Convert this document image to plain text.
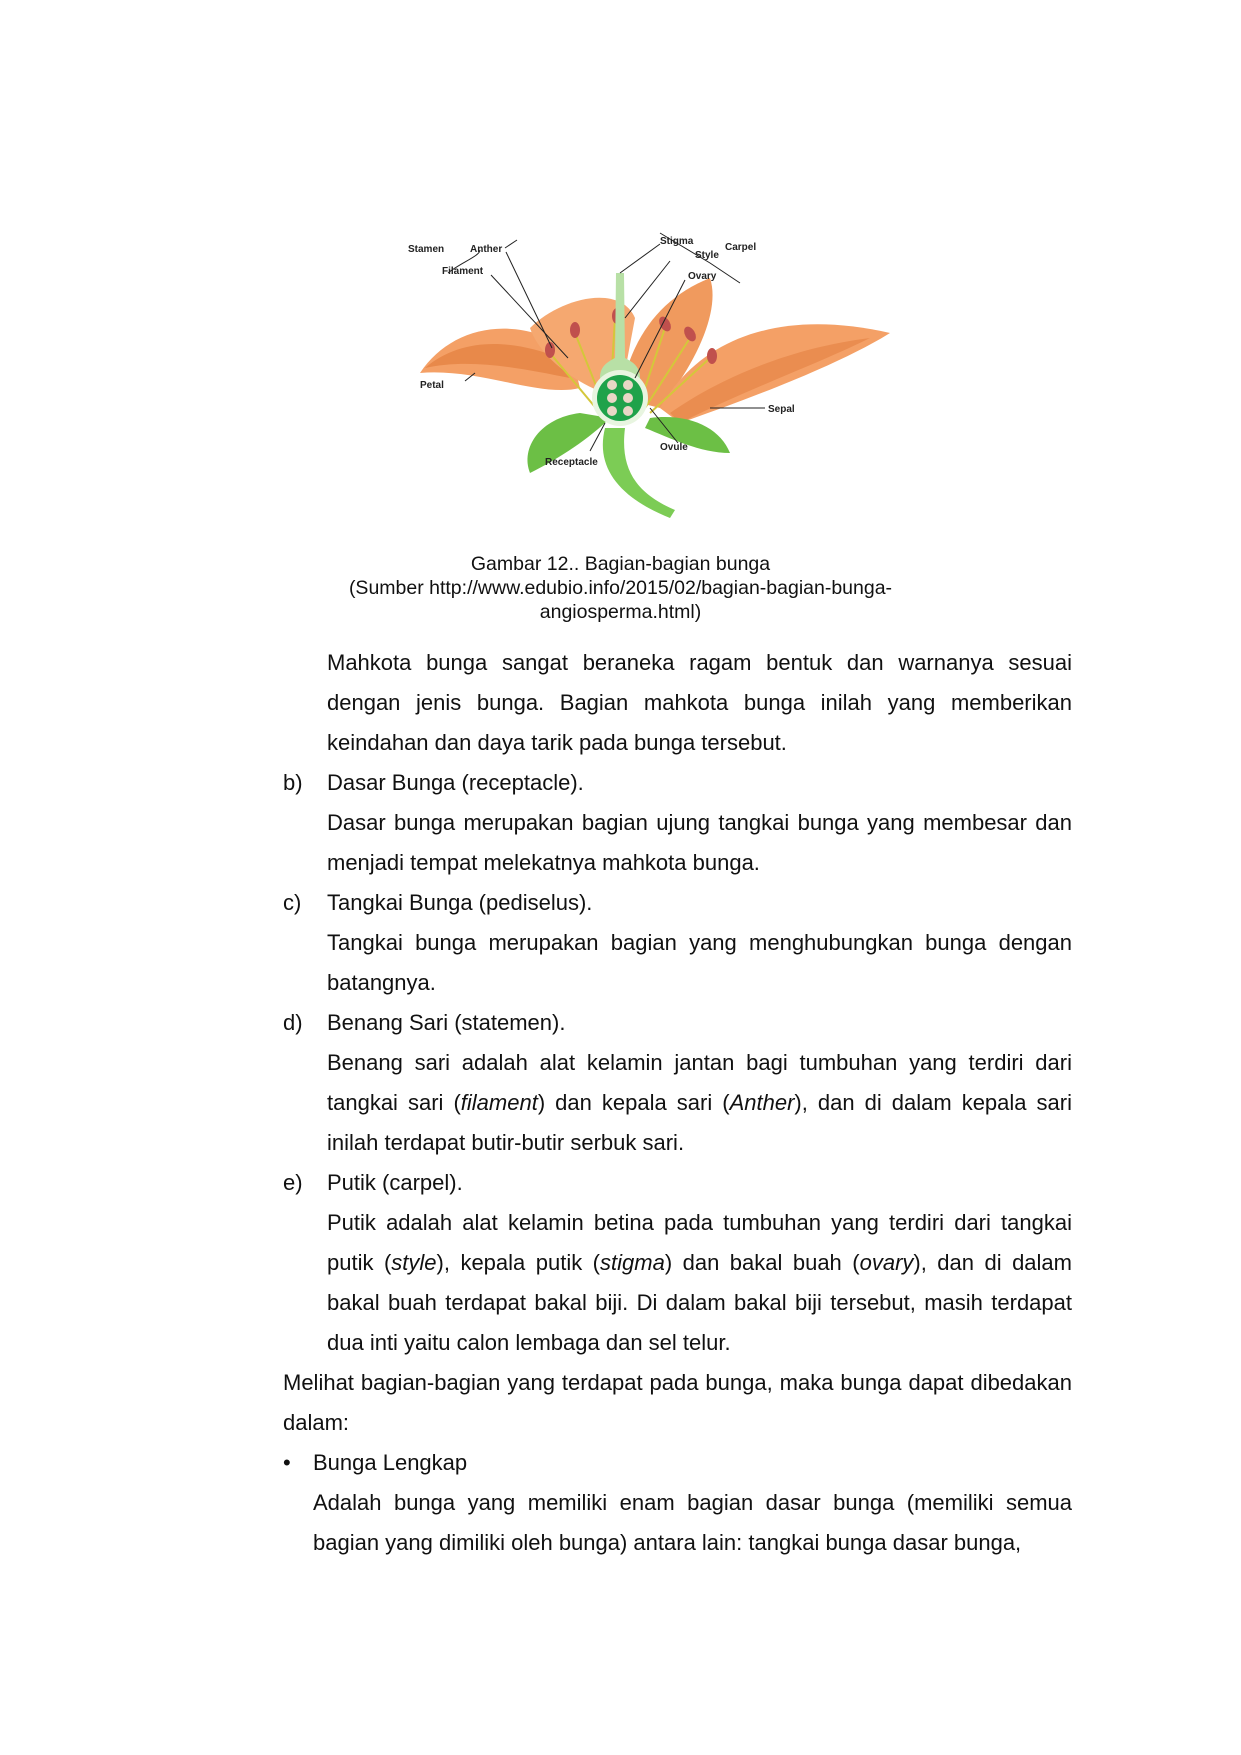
Stamen	Anther
Filament
Stigma
Style
Carpel
Ovary
Petal
Sepal
Ovule
Receptacle
Gambar 12.. Bagian-bagian bunga
(Sumber http://www.edubio.info/2015/02/bagian-bagian-bunga-
angiosperma.html)
Mahkota bunga sangat beraneka ragam bentuk dan warnanya sesuai dengan jenis bunga. Bagian mahkota bunga inilah yang memberikan keindahan dan daya tarik pada bunga tersebut.
b) Dasar Bunga (receptacle).
Dasar bunga merupakan bagian ujung tangkai bunga yang membesar dan menjadi tempat melekatnya mahkota bunga.
c) Tangkai Bunga (pediselus).
Tangkai bunga merupakan bagian yang menghubungkan bunga dengan batangnya.
d) Benang Sari (statemen).
Benang sari adalah alat kelamin jantan bagi tumbuhan yang terdiri dari tangkai sari (filament) dan kepala sari (Anther), dan di dalam kepala sari inilah terdapat butir-butir serbuk sari.
e) Putik (carpel).
Putik adalah alat kelamin betina pada tumbuhan yang terdiri dari tangkai putik (style), kepala putik (stigma) dan bakal buah (ovary), dan di dalam bakal buah terdapat bakal biji. Di dalam bakal biji tersebut, masih terdapat dua inti yaitu calon lembaga dan sel telur.
Melihat bagian-bagian yang terdapat pada bunga, maka bunga dapat dibedakan dalam:
• Bunga Lengkap
Adalah bunga yang memiliki enam bagian dasar bunga (memiliki semua bagian yang dimiliki oleh bunga) antara lain: tangkai bunga dasar bunga,
